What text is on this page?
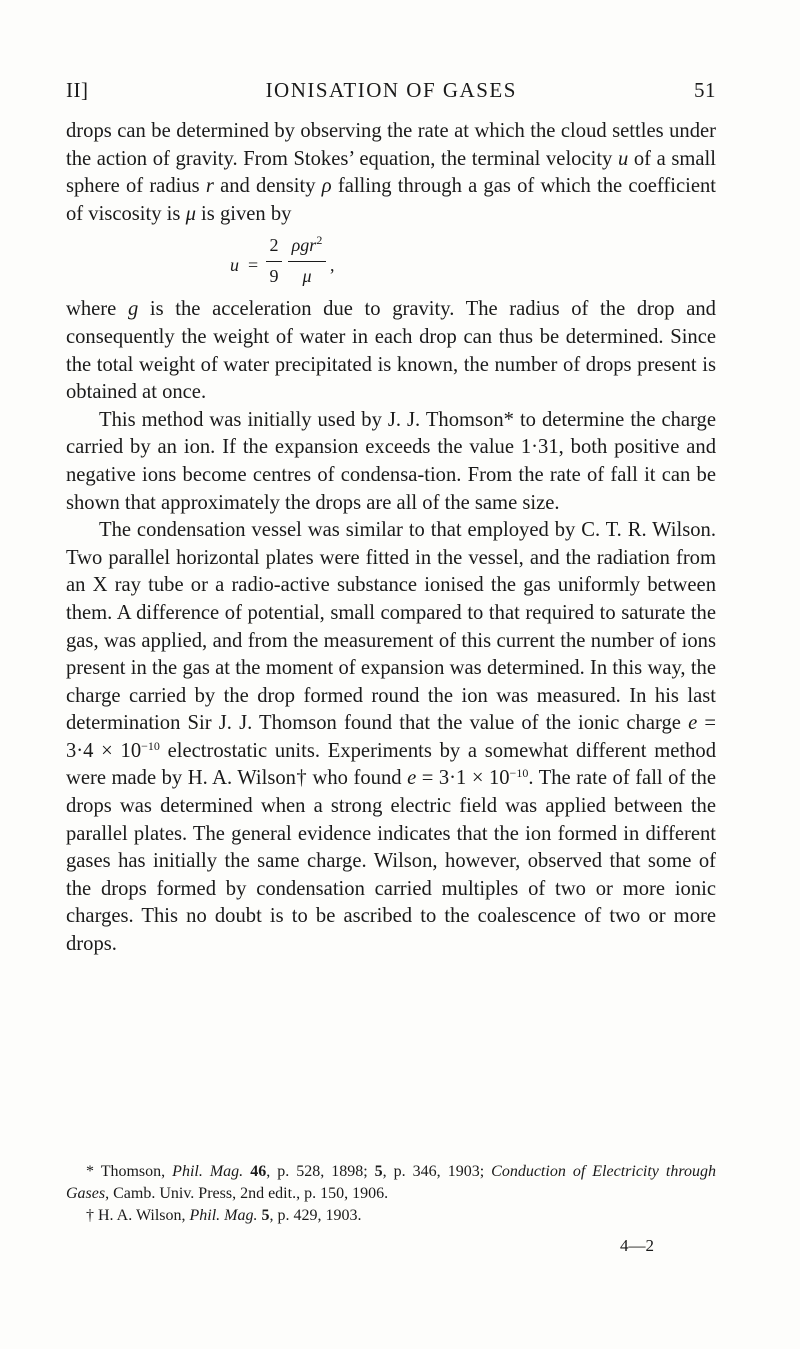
II]	IONISATION OF GASES	51

drops can be determined by observing the rate at which the cloud settles under the action of gravity. From Stokes’ equation, the terminal velocity u of a small sphere of radius r and density ρ falling through a gas of which the coefficient of viscosity is μ is given by

$u = \frac{2}{9} \rho gr^2$
μ
,

where g is the acceleration due to gravity. The radius of the drop and consequently the weight of water in each drop can thus be determined. Since the total weight of water precipitated is known, the number of drops present is obtained at once.

This method was initially used by J. J. Thomson* to determine the charge carried by an ion. If the expansion exceeds the value 1·31, both positive and negative ions become centres of condensa-tion. From the rate of fall it can be shown that approximately the drops are all of the same size.

The condensation vessel was similar to that employed by C. T. R. Wilson. Two parallel horizontal plates were fitted in the vessel, and the radiation from an X ray tube or a radio-active substance ionised the gas uniformly between them. A difference of potential, small compared to that required to saturate the gas, was applied, and from the measurement of this current the number of ions present in the gas at the moment of expansion was determined. In this way, the charge carried by the drop formed round the ion was measured. In his last determination Sir J. J. Thomson found that the value of the ionic charge $e = 3\cdot 4 \times 10^{-10}$ electrostatic units. Experiments by a somewhat different method were made by H. A. Wilson† who found $e = 3\cdot 1 \times 10^{-10}$. The rate of fall of the drops was determined when a strong electric field was applied between the parallel plates. The general evidence indicates that the ion formed in different gases has initially the same charge. Wilson, however, observed that some of the drops formed by condensation carried multiples of two or more ionic charges. This no doubt is to be ascribed to the coalescence of two or more drops.

* Thomson, Phil. Mag. 46, p. 528, 1898; 5, p. 346, 1903; Conduction of Electricity through Gases, Camb. Univ. Press, 2nd edit., p. 150, 1906.

† H. A. Wilson, Phil. Mag. 5, p. 429, 1903.

4—2
